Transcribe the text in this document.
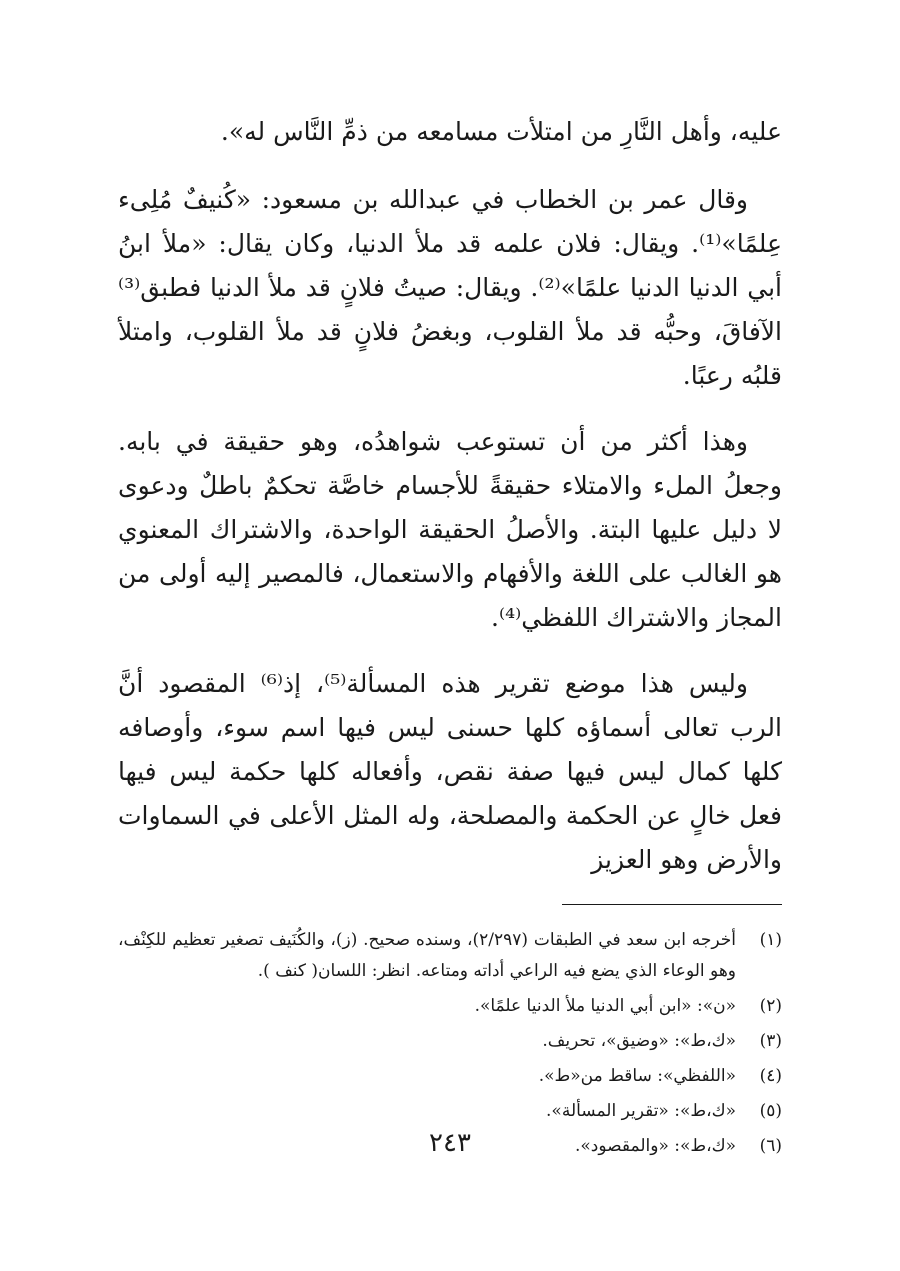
عليه، وأهل النَّارِ من امتلأت مسامعه من ذمِّ النَّاس له».

وقال عمر بن الخطاب في عبدالله بن مسعود: «كُنيفٌ مُلِىء عِلمًا»⁽¹⁾. ويقال: فلان علمه قد ملأ الدنيا، وكان يقال: «ملأ ابنُ أبي الدنيا الدنيا علمًا»⁽²⁾. ويقال: صيتُ فلانٍ قد ملأ الدنيا فطبق⁽³⁾ الآفاقَ، وحبُّه قد ملأ القلوب، وبغضُ فلانٍ قد ملأ القلوب، وامتلأ قلبُه رعبًا.

وهذا أكثر من أن تستوعب شواهدُه، وهو حقيقة في بابه. وجعلُ الملء والامتلاء حقيقةً للأجسام خاصَّة تحكمٌ باطلٌ ودعوى لا دليل عليها البتة. والأصلُ الحقيقة الواحدة، والاشتراك المعنوي هو الغالب على اللغة والأفهام والاستعمال، فالمصير إليه أولى من المجاز والاشتراك اللفظي⁽⁴⁾.

وليس هذا موضع تقرير هذه المسألة⁽⁵⁾، إذ⁽⁶⁾ المقصود أنَّ الرب تعالى أسماؤه كلها حسنى ليس فيها اسم سوء، وأوصافه كلها كمال ليس فيها صفة نقص، وأفعاله كلها حكمة ليس فيها فعل خالٍ عن الحكمة والمصلحة، وله المثل الأعلى في السماوات والأرض وهو العزيز

(١)
أخرجه ابن سعد في الطبقات (٢/٢٩٧)، وسنده صحيح. (ز)، والكُنَيف تصغير تعظيم للكِنْف، وهو الوعاء الذي يضع فيه الراعي أداته ومتاعه. انظر: اللسان( كنف ).
(٢)
«ن»: «ابن أبي الدنيا ملأ الدنيا علمًا».
(٣)
«ك،ط»: «وضيق»، تحريف.
(٤)
«اللفظي»: ساقط من«ط».
(٥)
«ك،ط»: «تقرير المسألة».
(٦)
«ك،ط»: «والمقصود».
٢٤٣
